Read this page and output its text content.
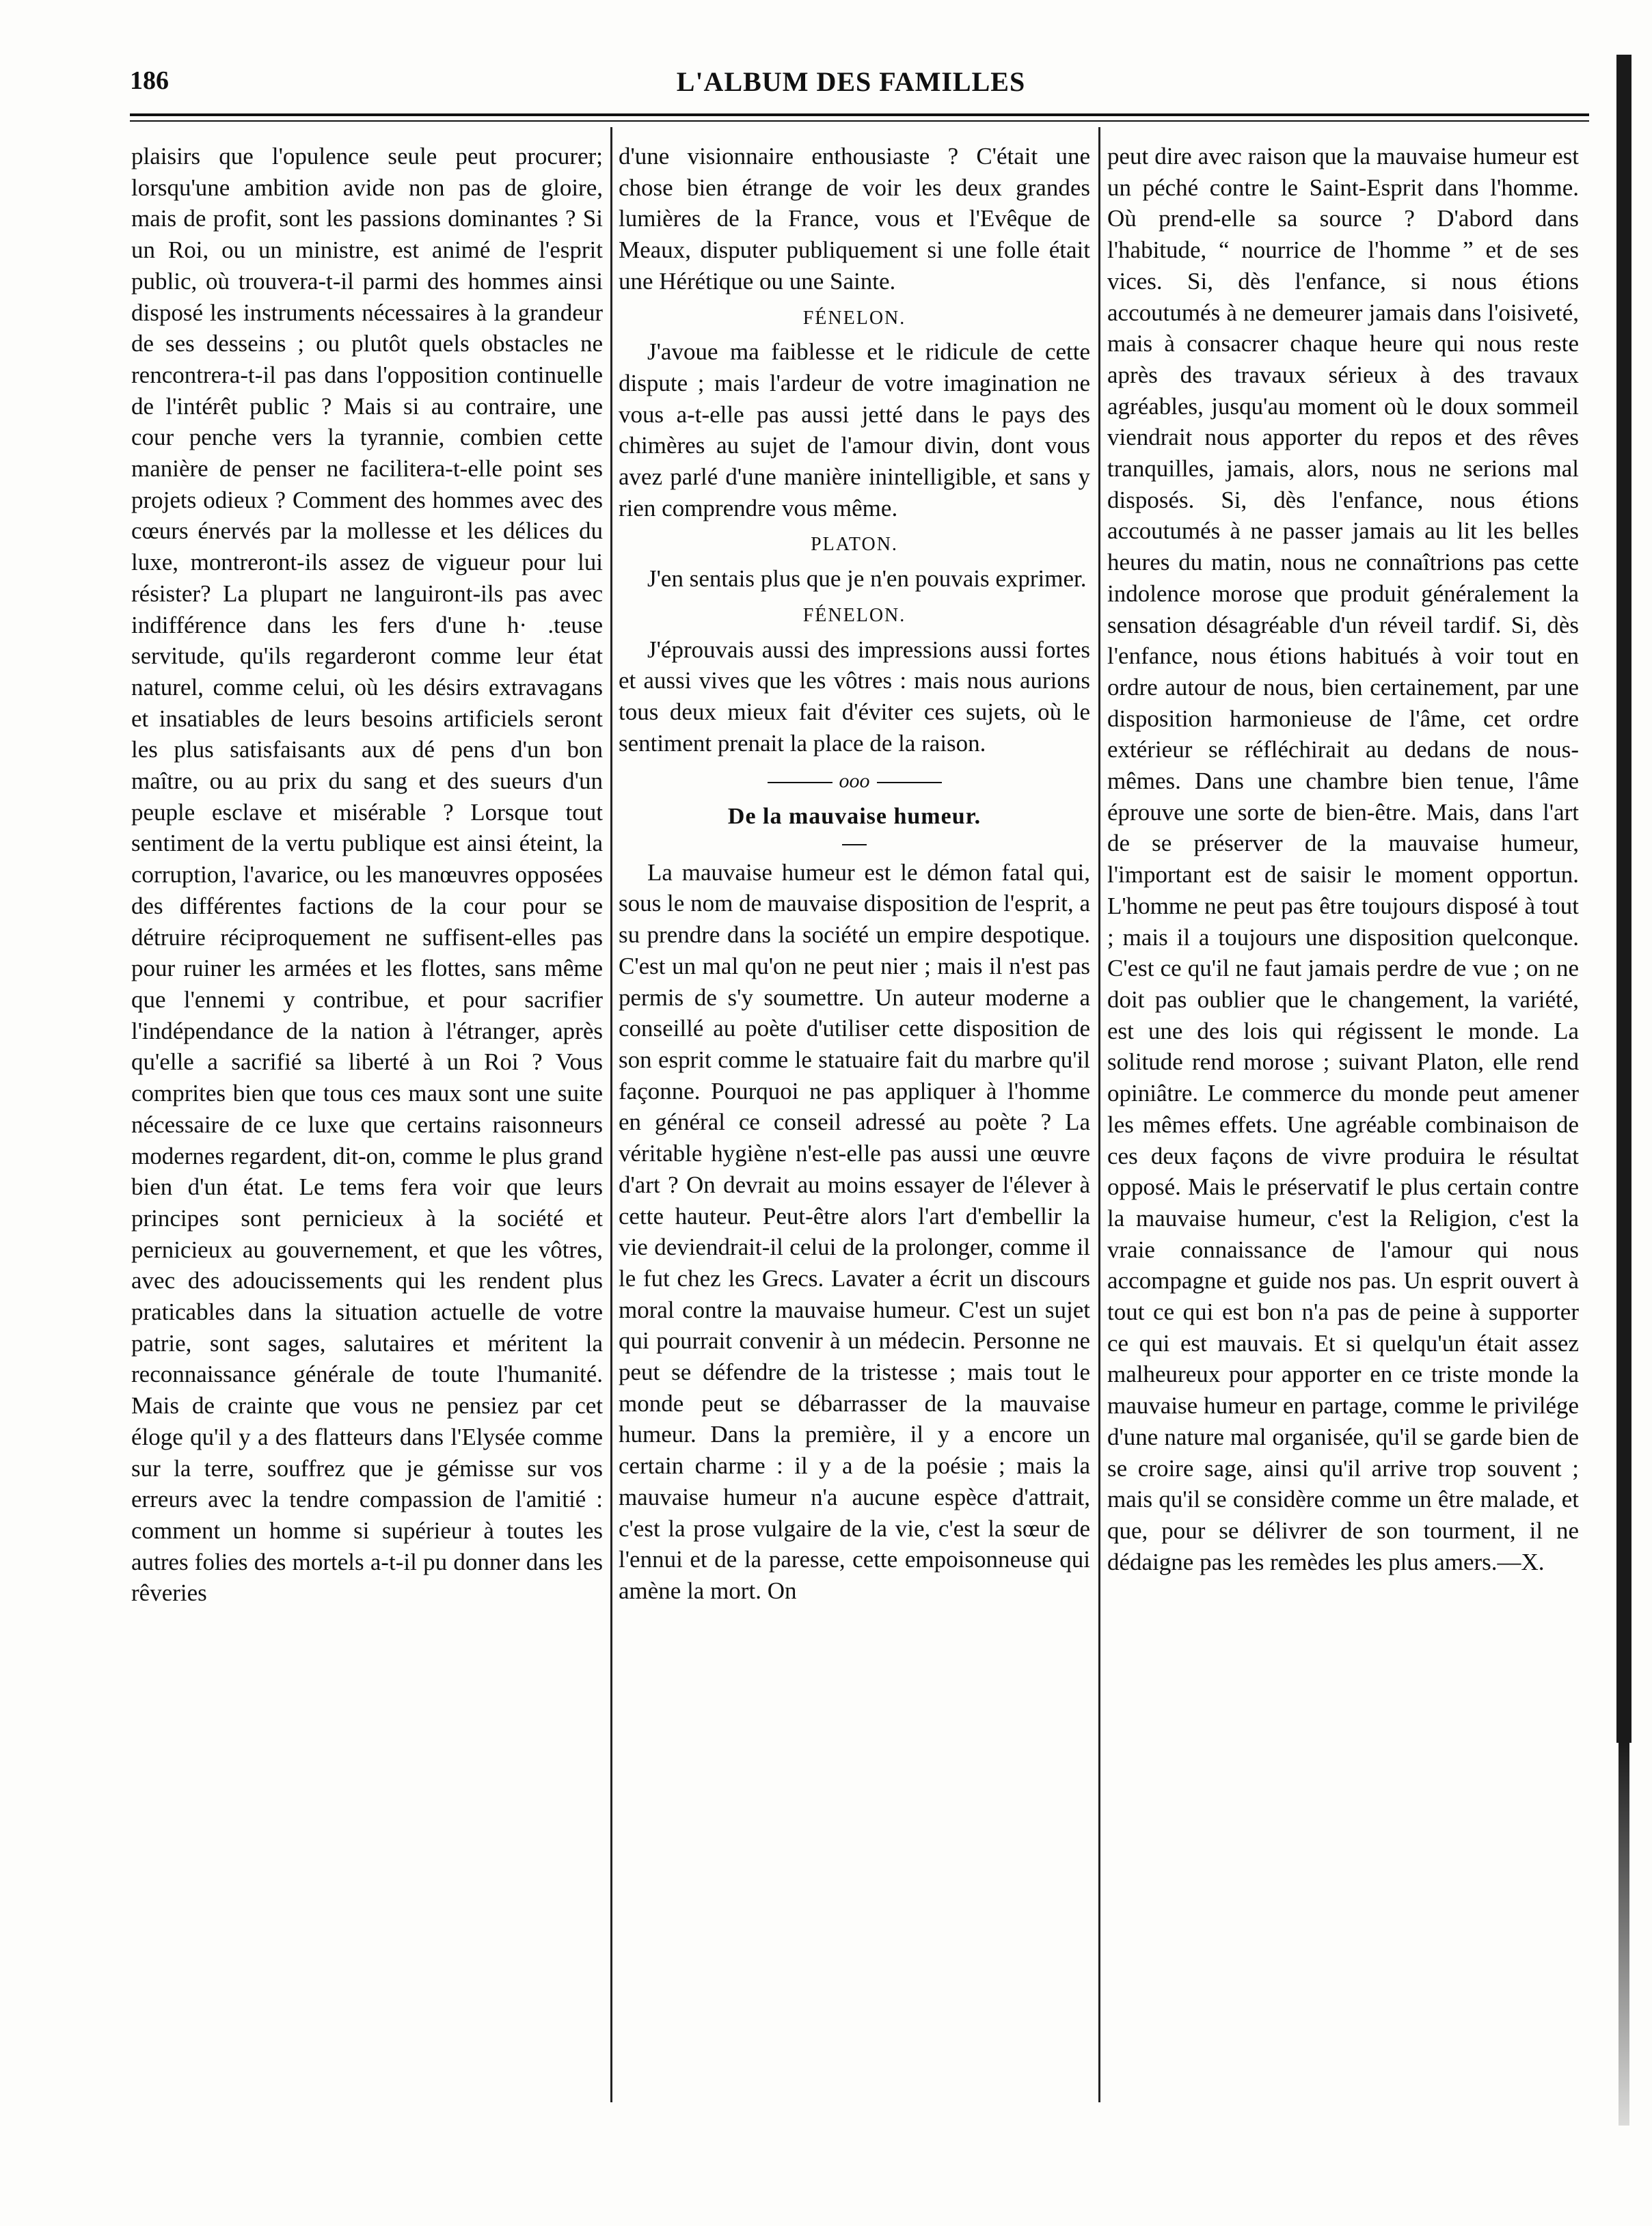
186	L'ALBUM DES FAMILLES

plaisirs que l'opulence seule peut procurer; lorsqu'une ambition avide non pas de gloire, mais de profit, sont les passions dominantes ? Si un Roi, ou un ministre, est animé de l'esprit public, où trouvera-t-il parmi des hommes ainsi disposé les instruments nécessaires à la grandeur de ses desseins ; ou plutôt quels obstacles ne rencontrera-t-il pas dans l'opposition continuelle de l'intérêt public ? Mais si au contraire, une cour penche vers la tyrannie, combien cette manière de penser ne facilitera-t-elle point ses projets odieux ? Comment des hommes avec des cœurs énervés par la mollesse et les délices du luxe, montreront-ils assez de vigueur pour lui résister? La plupart ne languiront-ils pas avec indifférence dans les fers d'une h· .teuse servitude, qu'ils regarderont comme leur état naturel, comme celui, où les désirs extravagans et insatiables de leurs besoins artificiels seront les plus satisfaisants aux dé pens d'un bon maître, ou au prix du sang et des sueurs d'un peuple esclave et misérable ? Lorsque tout sentiment de la vertu publique est ainsi éteint, la corruption, l'avarice, ou les manœuvres opposées des différentes factions de la cour pour se détruire réciproquement ne suffisent-elles pas pour ruiner les armées et les flottes, sans même que l'ennemi y contribue, et pour sacrifier l'indépendance de la nation à l'étranger, après qu'elle a sacrifié sa liberté à un Roi ? Vous comprites bien que tous ces maux sont une suite nécessaire de ce luxe que certains raisonneurs modernes regardent, dit-on, comme le plus grand bien d'un état. Le tems fera voir que leurs principes sont pernicieux à la société et pernicieux au gouvernement, et que les vôtres, avec des adoucissements qui les rendent plus praticables dans la situation actuelle de votre patrie, sont sages, salutaires et méritent la reconnaissance générale de toute l'humanité. Mais de crainte que vous ne pensiez par cet éloge qu'il y a des flatteurs dans l'Elysée comme sur la terre, souffrez que je gémisse sur vos erreurs avec la tendre compassion de l'amitié : comment un homme si supérieur à toutes les autres folies des mortels a-t-il pu donner dans les rêveries

d'une visionnaire enthousiaste ? C'était une chose bien étrange de voir les deux grandes lumières de la France, vous et l'Evêque de Meaux, disputer publiquement si une folle était une Hérétique ou une Sainte.

FÉNELON.

J'avoue ma faiblesse et le ridicule de cette dispute ; mais l'ardeur de votre imagination ne vous a-t-elle pas aussi jetté dans le pays des chimères au sujet de l'amour divin, dont vous avez parlé d'une manière inintelligible, et sans y rien comprendre vous même.

PLATON.

J'en sentais plus que je n'en pouvais exprimer.

FÉNELON.

J'éprouvais aussi des impressions aussi fortes et aussi vives que les vôtres : mais nous aurions tous deux mieux fait d'éviter ces sujets, où le sentiment prenait la place de la raison.

ooo
De la mauvaise humeur.

La mauvaise humeur est le démon fatal qui, sous le nom de mauvaise disposition de l'esprit, a su prendre dans la société un empire despotique. C'est un mal qu'on ne peut nier ; mais il n'est pas permis de s'y soumettre. Un auteur moderne a conseillé au poète d'utiliser cette disposition de son esprit comme le statuaire fait du marbre qu'il façonne. Pourquoi ne pas appliquer à l'homme en général ce conseil adressé au poète ? La véritable hygiène n'est-elle pas aussi une œuvre d'art ? On devrait au moins essayer de l'élever à cette hauteur. Peut-être alors l'art d'embellir la vie deviendrait-il celui de la prolonger, comme il le fut chez les Grecs. Lavater a écrit un discours moral contre la mauvaise humeur. C'est un sujet qui pourrait convenir à un médecin. Personne ne peut se défendre de la tristesse ; mais tout le monde peut se débarrasser de la mauvaise humeur. Dans la première, il y a encore un certain charme : il y a de la poésie ; mais la mauvaise humeur n'a aucune espèce d'attrait, c'est la prose vulgaire de la vie, c'est la sœur de l'ennui et de la paresse, cette empoisonneuse qui amène la mort. On

peut dire avec raison que la mauvaise humeur est un péché contre le Saint-Esprit dans l'homme. Où prend-elle sa source ? D'abord dans l'habitude, “ nourrice de l'homme ” et de ses vices. Si, dès l'enfance, si nous étions accoutumés à ne demeurer jamais dans l'oisiveté, mais à consacrer chaque heure qui nous reste après des travaux sérieux à des travaux agréables, jusqu'au moment où le doux sommeil viendrait nous apporter du repos et des rêves tranquilles, jamais, alors, nous ne serions mal disposés. Si, dès l'enfance, nous étions accoutumés à ne passer jamais au lit les belles heures du matin, nous ne connaîtrions pas cette indolence morose que produit généralement la sensation désagréable d'un réveil tardif. Si, dès l'enfance, nous étions habitués à voir tout en ordre autour de nous, bien certainement, par une disposition harmonieuse de l'âme, cet ordre extérieur se réfléchirait au dedans de nous-mêmes. Dans une chambre bien tenue, l'âme éprouve une sorte de bien-être. Mais, dans l'art de se préserver de la mauvaise humeur, l'important est de saisir le moment opportun. L'homme ne peut pas être toujours disposé à tout ; mais il a toujours une disposition quelconque. C'est ce qu'il ne faut jamais perdre de vue ; on ne doit pas oublier que le changement, la variété, est une des lois qui régissent le monde. La solitude rend morose ; suivant Platon, elle rend opiniâtre. Le commerce du monde peut amener les mêmes effets. Une agréable combinaison de ces deux façons de vivre produira le résultat opposé. Mais le préservatif le plus certain contre la mauvaise humeur, c'est la Religion, c'est la vraie connaissance de l'amour qui nous accompagne et guide nos pas. Un esprit ouvert à tout ce qui est bon n'a pas de peine à supporter ce qui est mauvais. Et si quelqu'un était assez malheureux pour apporter en ce triste monde la mauvaise humeur en partage, comme le privilége d'une nature mal organisée, qu'il se garde bien de se croire sage, ainsi qu'il arrive trop souvent ; mais qu'il se considère comme un être malade, et que, pour se délivrer de son tourment, il ne dédaigne pas les remèdes les plus amers.—X.
